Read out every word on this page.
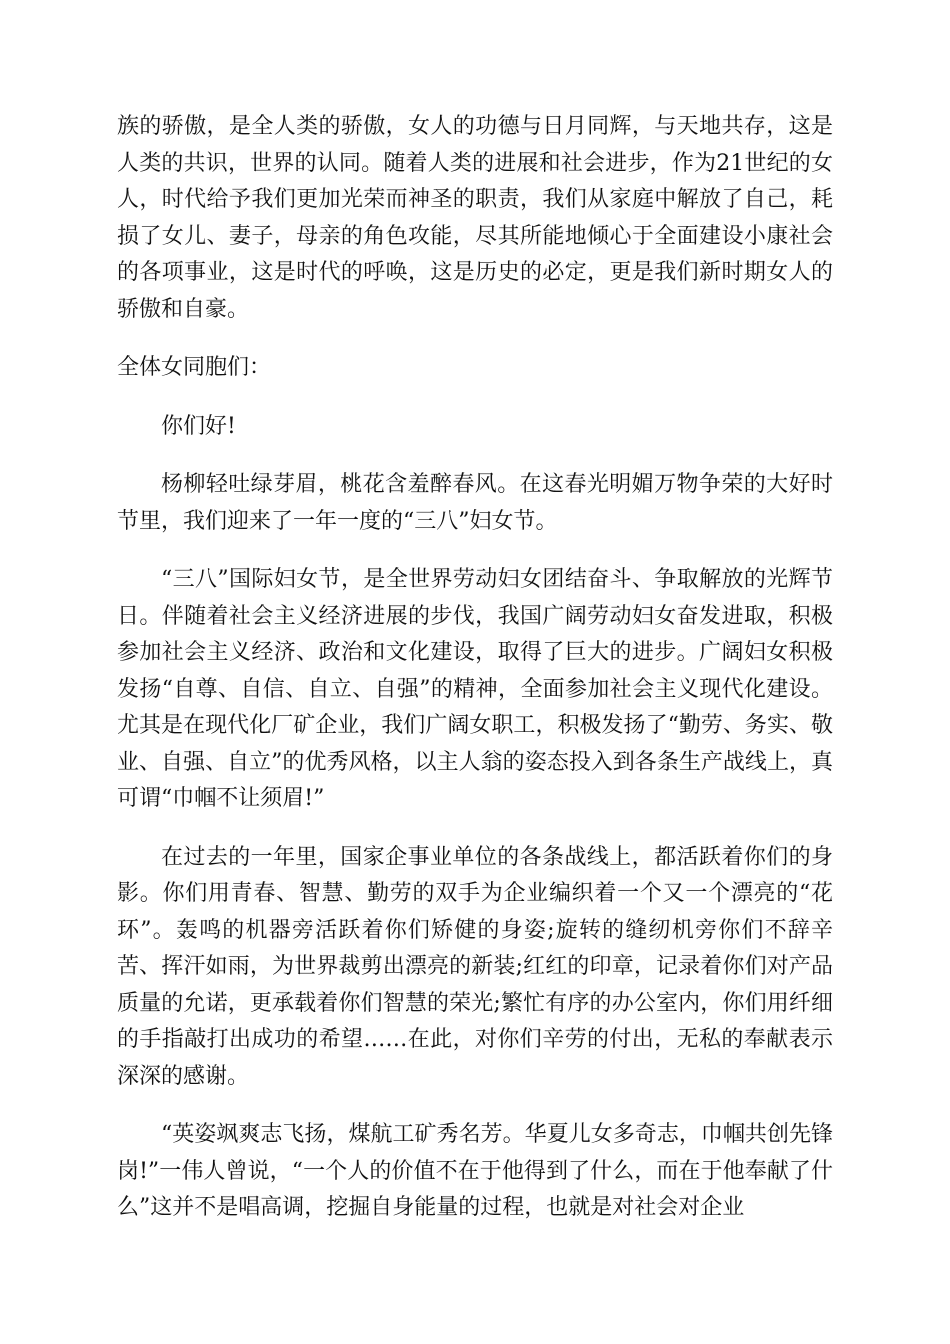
族的骄傲，是全人类的骄傲，女人的功德与日月同辉，与天地共存，这是人类的共识，世界的认同。随着人类的进展和社会进步，作为21世纪的女人，时代给予我们更加光荣而神圣的职责，我们从家庭中解放了自己，耗损了女儿、妻子，母亲的角色攻能，尽其所能地倾心于全面建设小康社会的各项事业，这是时代的呼唤，这是历史的必定，更是我们新时期女人的骄傲和自豪。

全体女同胞们：

你们好!

杨柳轻吐绿芽眉，桃花含羞醉春风。在这春光明媚万物争荣的大好时节里，我们迎来了一年一度的“三八”妇女节。

“三八”国际妇女节，是全世界劳动妇女团结奋斗、争取解放的光辉节日。伴随着社会主义经济进展的步伐，我国广阔劳动妇女奋发进取，积极参加社会主义经济、政治和文化建设，取得了巨大的进步。广阔妇女积极发扬“自尊、自信、自立、自强”的精神，全面参加社会主义现代化建设。尤其是在现代化厂矿企业，我们广阔女职工，积极发扬了“勤劳、务实、敬业、自强、自立”的优秀风格，以主人翁的姿态投入到各条生产战线上，真可谓“巾帼不让须眉!”

在过去的一年里，国家企事业单位的各条战线上，都活跃着你们的身影。你们用青春、智慧、勤劳的双手为企业编织着一个又一个漂亮的“花环”。轰鸣的机器旁活跃着你们矫健的身姿;旋转的缝纫机旁你们不辞辛苦、挥汗如雨，为世界裁剪出漂亮的新装;红红的印章，记录着你们对产品质量的允诺，更承载着你们智慧的荣光;繁忙有序的办公室内，你们用纤细的手指敲打出成功的希望……在此，对你们辛劳的付出，无私的奉献表示深深的感谢。

“英姿飒爽志飞扬，煤航工矿秀名芳。华夏儿女多奇志，巾帼共创先锋岗!”一伟人曾说，“一个人的价值不在于他得到了什么，而在于他奉献了什么”这并不是唱高调，挖掘自身能量的过程，也就是对社会对企业
